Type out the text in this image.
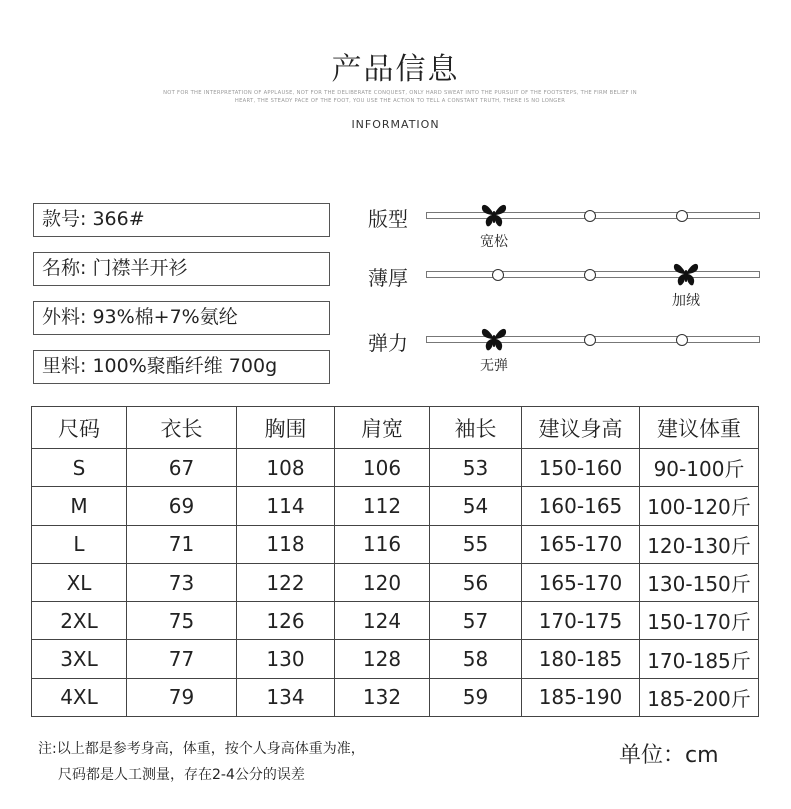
产品信息
NOT FOR THE INTERPRETATION OF APPLAUSE, NOT FOR THE DELIBERATE CONQUEST, ONLY HARD SWEAT INTO THE PURSUIT OF THE FOOTSTEPS, THE FIRM BELIEF IN
HEART, THE STEADY PACE OF THE FOOT, YOU USE THE ACTION TO TELL A CONSTANT TRUTH, THERE IS NO LONGER
INFORMATION
款号: 366#
名称: 门襟半开衫
外料: 93%棉+7%氨纶
里料: 100%聚酯纤维 700g
版型
宽松
薄厚
加绒
弹力
无弹
尺码	衣长	胸围	肩宽	袖长	建议身高	建议体重
S	67	108	106	53	150-160	90-100斤
M	69	114	112	54	160-165	100-120斤
L	71	118	116	55	165-170	120-130斤
XL	73	122	120	56	165-170	130-150斤
2XL	75	126	124	57	170-175	150-170斤
3XL	77	130	128	58	180-185	170-185斤
4XL	79	134	132	59	185-190	185-200斤
注:以上都是参考身高，体重，按个人身高体重为准，
尺码都是人工测量，存在2-4公分的误差
单位：cm
